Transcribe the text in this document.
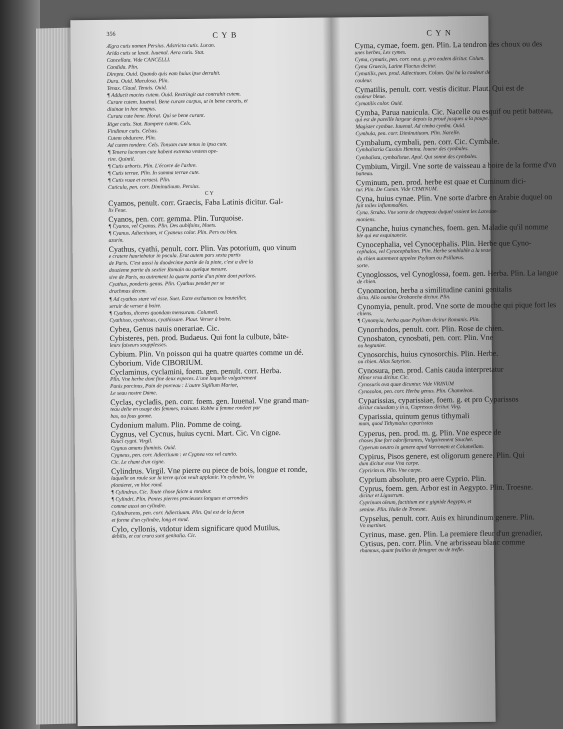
356	C Y B	C Y N
Ægra cutis nomen Persius. Adstricta cutis. Lucan.
Arida cutis se laxat. Iuuenal. Aera cutis. Stat.
Cancellata. Vide CANCELLI.
Candida. Plin.
Direpta. Ouid. Quando quis eam huius ipse detrahit.
Dura. Ouid. Maculosa. Plin.
Tenax. Claud. Tenuis. Ouid.
¶ Adducit macies cutem. Ouid. Restringit aut contrahit cutem.
Curare cutem. Iuuenal. Bene curare corpus, ut in bene curatis, et
diuinae in hoc tempus.
Curata cute bene. Horat. Qui se bene curant.
Riget cutis. Stat. Rumpere cutem. Cels.
Findimur cutis. Celsus.
Cutem obducere. Plin.
Ad cutem tondere. Cels. Tonsam cute tenus in ipsa cute.
¶ Tenera lucorum cute habent extrema vestem ope-
rire. Quintil.
¶ Cutis arboris. Plin. L'écorce de l'arbre.
¶ Cutis terrae. Plin. In summa terrae cute.
¶ Cutis vuae et ceraesi. Plin.
Cuticula, pen. corr. Diminutiuum. Persius.
C Y
Cyamos, penult. corr. Graecis, Faba Latinis dicitur. Gal-
lis Feue.
Cyanos, pen. corr. gemma. Plin. Turquoise.
¶ Cyanos, vel Cyanus. Plin. Des aubifoins, bluets.
¶ Cyanus. Adiectiuum, vt Cyaneus color. Plin. Pers ou bleu.
azurin.
Cyathus, cyathi, penult. corr. Plin. Vas potorium, quo vinum
e cratere hauriebatur in pocula. Erat autem pars sexta partis
de Paris. C'est aussi la duodecime partie de la pinte, c'est a dire la
douzieme partie du sextier Romain ou quelque mesure.
sive de Paris, ou autrement Ia quarte partie d'un pinte dont parlons.
Cyathus, ponderis genus. Plin. Cyathus pendet per se
drachmas decem.
¶ Ad cyathos stare vel esse. Suet. Estre eschanson ou bouteiller,
seruir de verser à boire.
¶ Cyathos, diceres quondam mensuram. Columell.
Cyathisso, cyathissas, cyathissare. Plaut. Verser à boire.
Cybea, Genus nauis onerariae. Cic.
Cybisteres, pen. prod. Budaeus. Qui font la culbute, bâte-
leurs faiseurs soupplesses.
Cybium. Plin. Vn poisson qui ha quatre quartes comme un dé.
Cyborium. Vide CIBORIUM.
Cyclaminus, cyclamini, foem. gen. penult. corr. Herba.
Plin. Vne herbe dont fine deux especes. L'une laquelle vulgairement
Panis porcinus, Pain de porceau : L'autre Sigillum Mariae,
Le seau nostre Dame.
Cyclas, cycladis, pen. corr. foem. gen. Iuuenal. Vne grand man-
teau delie en usage des femmes, trainant. Robbe a femme rondeet par
bas, ou fous gonne.
Cydonium malum. Plin. Pomme de coing.
Cygnus, vel Cycnus, huius cycni. Mart. Cic. Vn cigne.
Rauci cygni. Virgil.
Cygnus amans fluminis. Ouid.
Cygneus, pen. corr. Adiectiuum : et Cygnea vox vel cantio.
Cic. Le chant d'un cigne.
Cylindrus. Virgil. Vne pierre ou piece de bois, longue et ronde,
laquelle on roule sur la terre qu'on veult applanir. Vn cylindre, Vn
plomieret, vn bloc rond.
¶ Cylindrus. Cic. Toute chose faicte a rondeur.
¶ Cylindri. Plin. Pentes pierres precieuses longues et arrondies
comme aussi un cylindre.
Cylindraceus, pen. corr. Adiectiuum. Plin. Qui est de la facon
et forme d'un cylindre, long et rond.
Cylo, cyllonis, vtdotur idem significare quod Mutilus,
debilis, et cui crura sunt genitalia. Cic.
Cyma, cymae, foem. gen. Plin. La tendron des choux ou des
unes herbes, Les cymes.
Cyma, cymatis, pen. corr. neut. g. pro eodem dicitur. Colum.
Cyma Graecis, Latine Fluctus dicitur.
Cymatilis, pen. prod. Adiectiuum. Colum. Qui ha la couleur de
couleur.
Cymatilis, penult. corr. vestis dicitur. Plaut. Qui est de
couleur bleue.
Cymatilis color. Ouid.
Cymba, Parua nauicula. Cic. Nacelle ou esquif ou petit batteau,
qui est de pareille largeur depuis la prouë jusques a la poupe.
Magister cymbae. Iuuenal. Ad cimba cymba. Ouid.
Cymbula, pen. corr. Diminutiuum. Plin. Nacelle.
Cymbalum, cymbali, pen. corr. Cic. Cymbale.
Cymbalistria Cassius Hemina. Ioueur des cymbales.
Cymbalista, cymbalistae. Apul. Qui sonne des cymbales.
Cymbium, Virgil. Vne sorte de vaisseau a boire de la forme d'vn
batteau.
Cyminum, pen. prod. herbe est quae et Cuminum dici-
tur. Plin. De Cumin. Vide CYMINUM.
Cyna, huius cynae. Plin. Vne sorte d'arbre en Arabie duquel on
fait toiles inflammables.
Cyna. Strabo. Vne sorte de chappeau duquel vsoient les Lacedae-
moniens.
Cynanche, huius cynanches, foem. gen. Maladie qu'il nomme
ble qui est esquinancie.
Cynocephalia, vel Cynocephalis. Plin. Herbe que Cyno-
cephalos, vel Cynocephalion. Plin. Herbe semblable a la teste
du chien autrement appelee Psylium ou Psillaeus.
sorte.
Cynoglossos, vel Cynoglossa, foem. gen. Herba. Plin. La langue
de chien.
Cynomorion, herba a similitudine canini genitalis
dicta. Alio nomine Orobanche dicitur. Plin.
Cynomyia, penult. prod. Vne sorte de mouche qui pique fort les
chiens.
¶ Cynomyia, herba quae Psyllium dicitur Romanis. Plin.
Cynorrhodos, penult. corr. Plin. Rose de chien.
Cynosbaton, cynosbati, pen. corr. Plin. Vne
ou hegtanier.
Cynosorchis, huius cynosorchis. Plin. Herbe.
ou chien. Alias Satyrion.
Cynosura, pen. prod. Canis cauda interpretatur
Minor vrsa dicitur. Cic.
Cynosuris ova quae dicuntur. Vide VRINUM
Cynozolon, pen. corr. Herba genus. Plin. Chameleon.
Cyparissias, cyparissiae, foem. g. et pro Cyparissos
dicitur cuiusdam y in u, Cupressus dicitur. Virg.
Cyparissia, quinum genus tithymali
mum, quod Tithymalus cyparissias
Cyperus, pen. prod. m. g. Plin. Vne espece de
choses fine fort odoriferantes, Vulgairement Souchet.
Cyperum neutro in genere apud Varronem et Columellam.
Cypirus, Pisos genere, est oligorum genere. Plin. Qui
dum dicitur esse Vna carpe.
Cypririm m. Plin. Vne carpe.
Cyprium absolute, pro aere Cyprio. Plin.
Cyprus, foem. gen. Arbor est in Aegypto. Plin. Troesne.
dicitur et Ligustrum.
Cyprinum oleum, factitium est e gignide Aegypto, et
semine. Plin. Huile de Troesne.
Cypselus, penult. corr. Auis ex hirundinum genere. Plin.
Vn martinet.
Cyrinus, mase. gen. Plin. La premiere fleur d'un grenadier,
Cytisus, pen. corr. Plin. Vne arbrisseau blanc comme
rhamnus, quant feuilles de fenugrec ou de trefle.
